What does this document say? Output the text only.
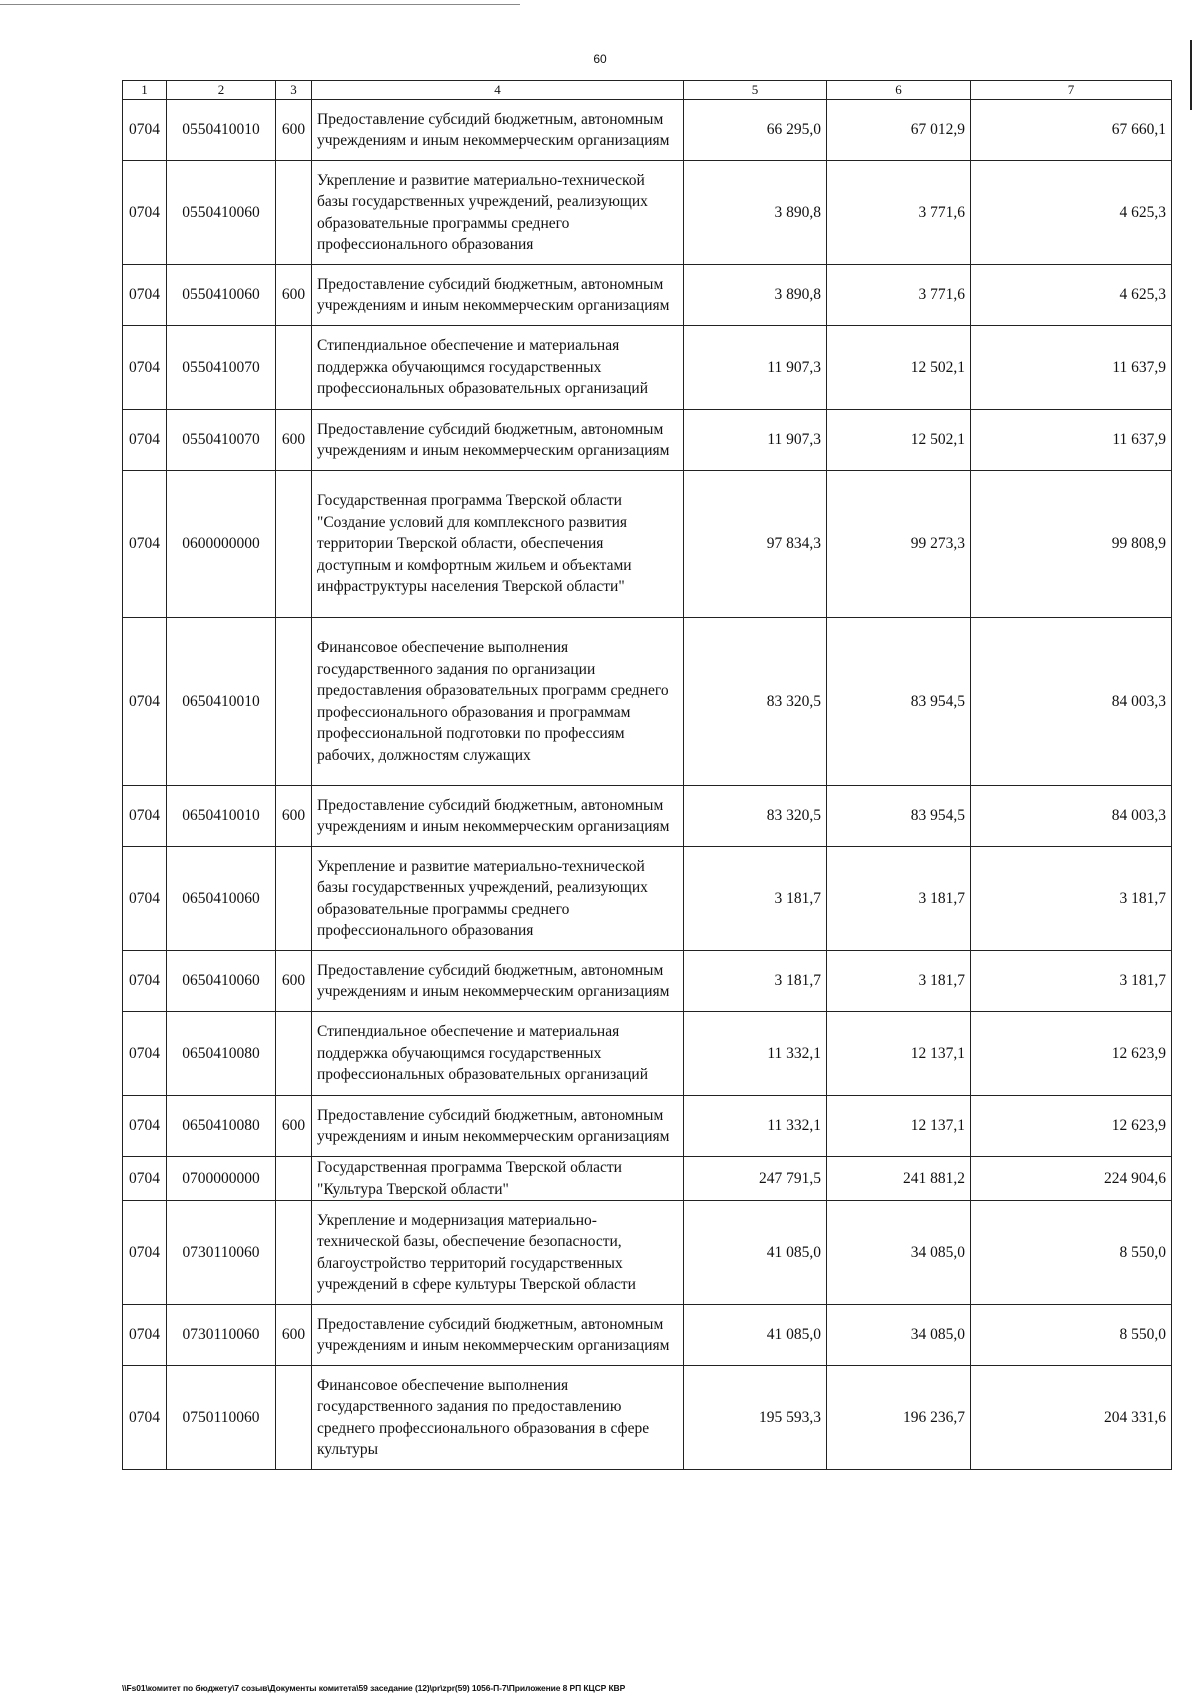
60
1	2	3	4	5	6	7
0704	0550410010	600	Предоставление субсидий бюджетным, автономным учреждениям и иным некоммерческим организациям	66 295,0	67 012,9	67 660,1
0704	0550410060		Укрепление и развитие материально-технической базы государственных учреждений, реализующих образовательные программы среднего профессионального образования	3 890,8	3 771,6	4 625,3
0704	0550410060	600	Предоставление субсидий бюджетным, автономным учреждениям и иным некоммерческим организациям	3 890,8	3 771,6	4 625,3
0704	0550410070		Стипендиальное обеспечение и материальная поддержка обучающимся государственных профессиональных образовательных организаций	11 907,3	12 502,1	11 637,9
0704	0550410070	600	Предоставление субсидий бюджетным, автономным учреждениям и иным некоммерческим организациям	11 907,3	12 502,1	11 637,9
0704	0600000000		Государственная программа Тверской области "Создание условий для комплексного развития территории Тверской области, обеспечения доступным и комфортным жильем и объектами инфраструктуры населения Тверской области"	97 834,3	99 273,3	99 808,9
0704	0650410010		Финансовое обеспечение выполнения государственного задания по организации предоставления образовательных программ среднего профессионального образования и программам профессиональной подготовки по профессиям рабочих, должностям служащих	83 320,5	83 954,5	84 003,3
0704	0650410010	600	Предоставление субсидий бюджетным, автономным учреждениям и иным некоммерческим организациям	83 320,5	83 954,5	84 003,3
0704	0650410060		Укрепление и развитие материально-технической базы государственных учреждений, реализующих образовательные программы среднего профессионального образования	3 181,7	3 181,7	3 181,7
0704	0650410060	600	Предоставление субсидий бюджетным, автономным учреждениям и иным некоммерческим организациям	3 181,7	3 181,7	3 181,7
0704	0650410080		Стипендиальное обеспечение и материальная поддержка обучающимся государственных профессиональных образовательных организаций	11 332,1	12 137,1	12 623,9
0704	0650410080	600	Предоставление субсидий бюджетным, автономным учреждениям и иным некоммерческим организациям	11 332,1	12 137,1	12 623,9
0704	0700000000		Государственная программа Тверской области "Культура Тверской области"	247 791,5	241 881,2	224 904,6
0704	0730110060		Укрепление и модернизация материально-технической базы, обеспечение безопасности, благоустройство территорий государственных учреждений в сфере культуры Тверской области	41 085,0	34 085,0	8 550,0
0704	0730110060	600	Предоставление субсидий бюджетным, автономным учреждениям и иным некоммерческим организациям	41 085,0	34 085,0	8 550,0
0704	0750110060		Финансовое обеспечение выполнения государственного задания по предоставлению среднего профессионального образования в сфере культуры	195 593,3	196 236,7	204 331,6
\\Fs01\комитет по бюджету\7 созыв\Документы комитета\59 заседание (12)\pr\zpr(59) 1056-П-7\Приложение 8 РП КЦСР КВР
